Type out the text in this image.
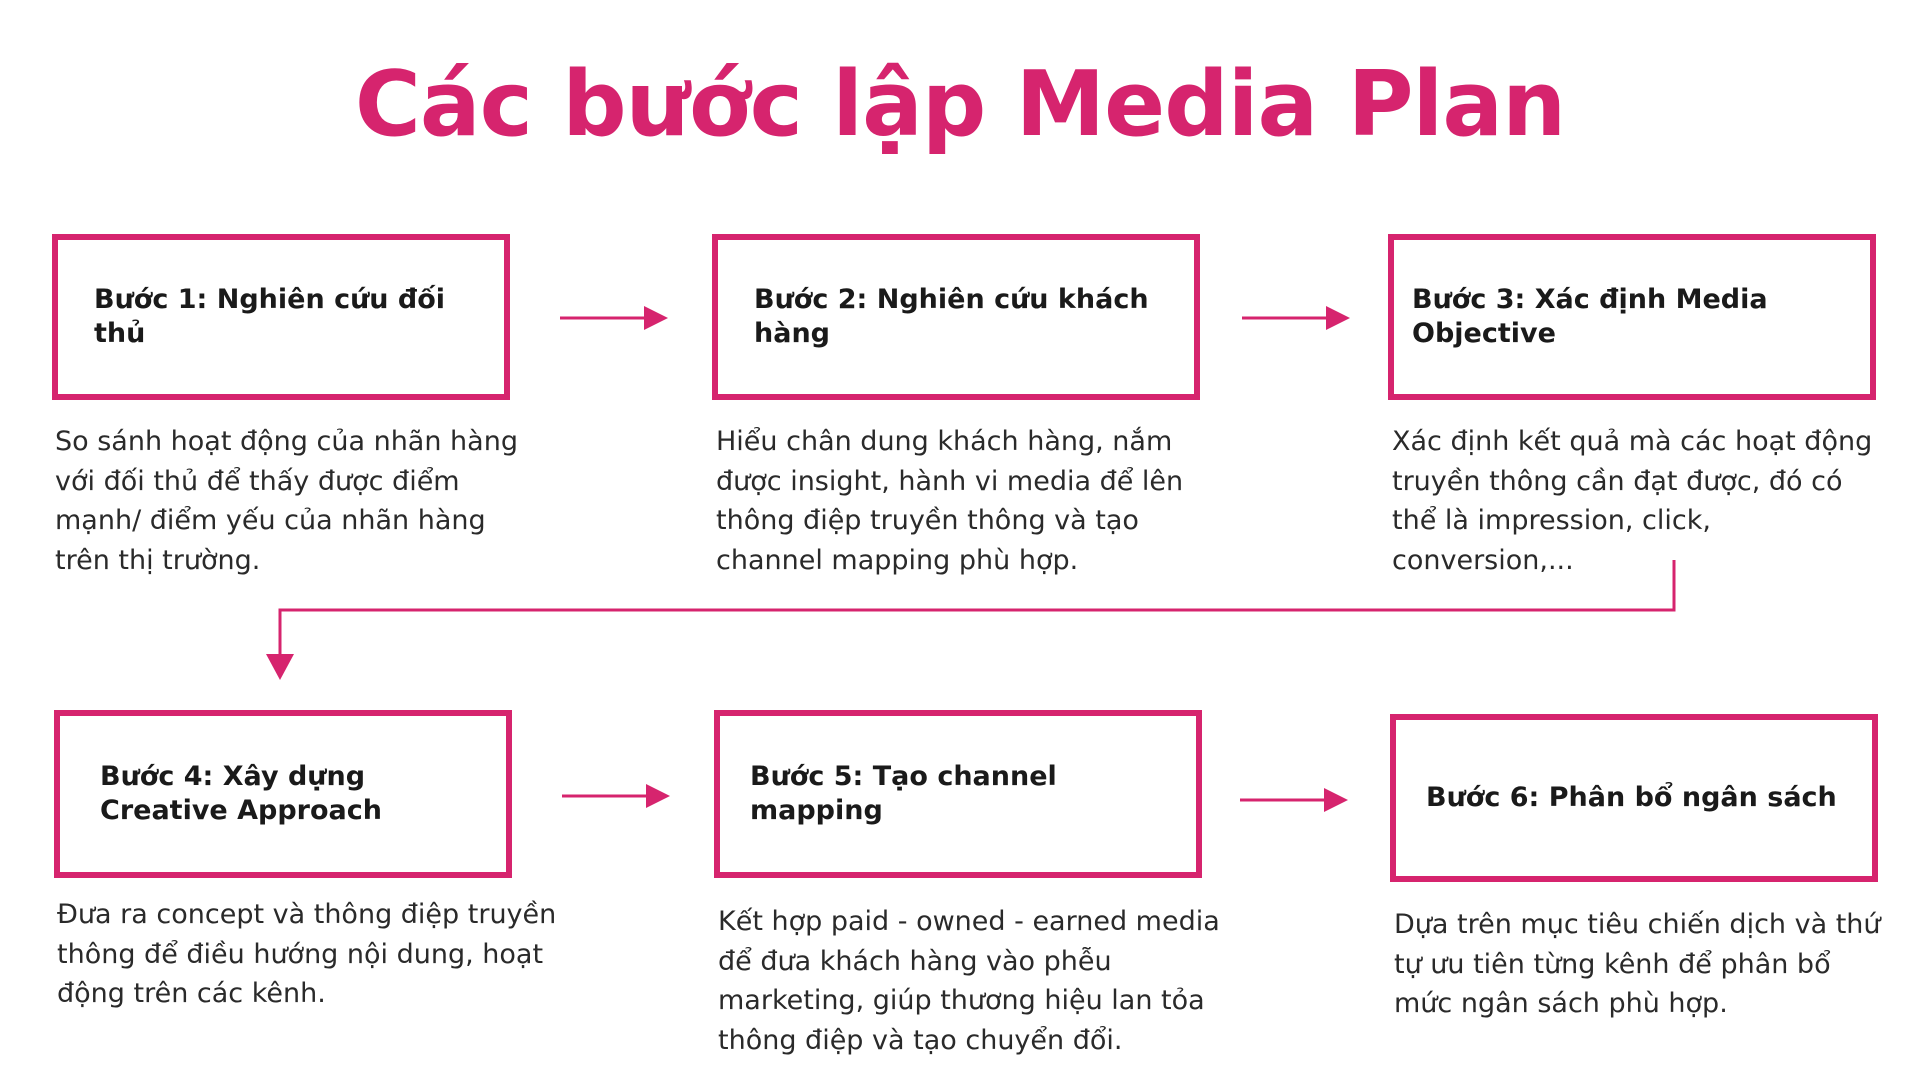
Các bước lập Media Plan
Bước 1: Nghiên cứu đối thủ

So sánh hoạt động của nhãn hàng với đối thủ để thấy được điểm mạnh/ điểm yếu của nhãn hàng trên thị trường.

Bước 2: Nghiên cứu khách hàng

Hiểu chân dung khách hàng, nắm được insight, hành vi media để lên thông điệp truyền thông và tạo channel mapping phù hợp.

Bước 3: Xác định Media Objective

Xác định kết quả mà các hoạt động truyền thông cần đạt được, đó có thể là impression, click, conversion,...

Bước 4: Xây dựng
Creative Approach

Đưa ra concept và thông điệp truyền thông để điều hướng nội dung, hoạt động trên các kênh.

Bước 5: Tạo channel mapping

Kết hợp paid - owned - earned media để đưa khách hàng vào phễu marketing, giúp thương hiệu lan tỏa thông điệp và tạo chuyển đổi.

Bước 6: Phân bổ ngân sách

Dựa trên mục tiêu chiến dịch và thứ tự ưu tiên từng kênh để phân bổ mức ngân sách phù hợp.
